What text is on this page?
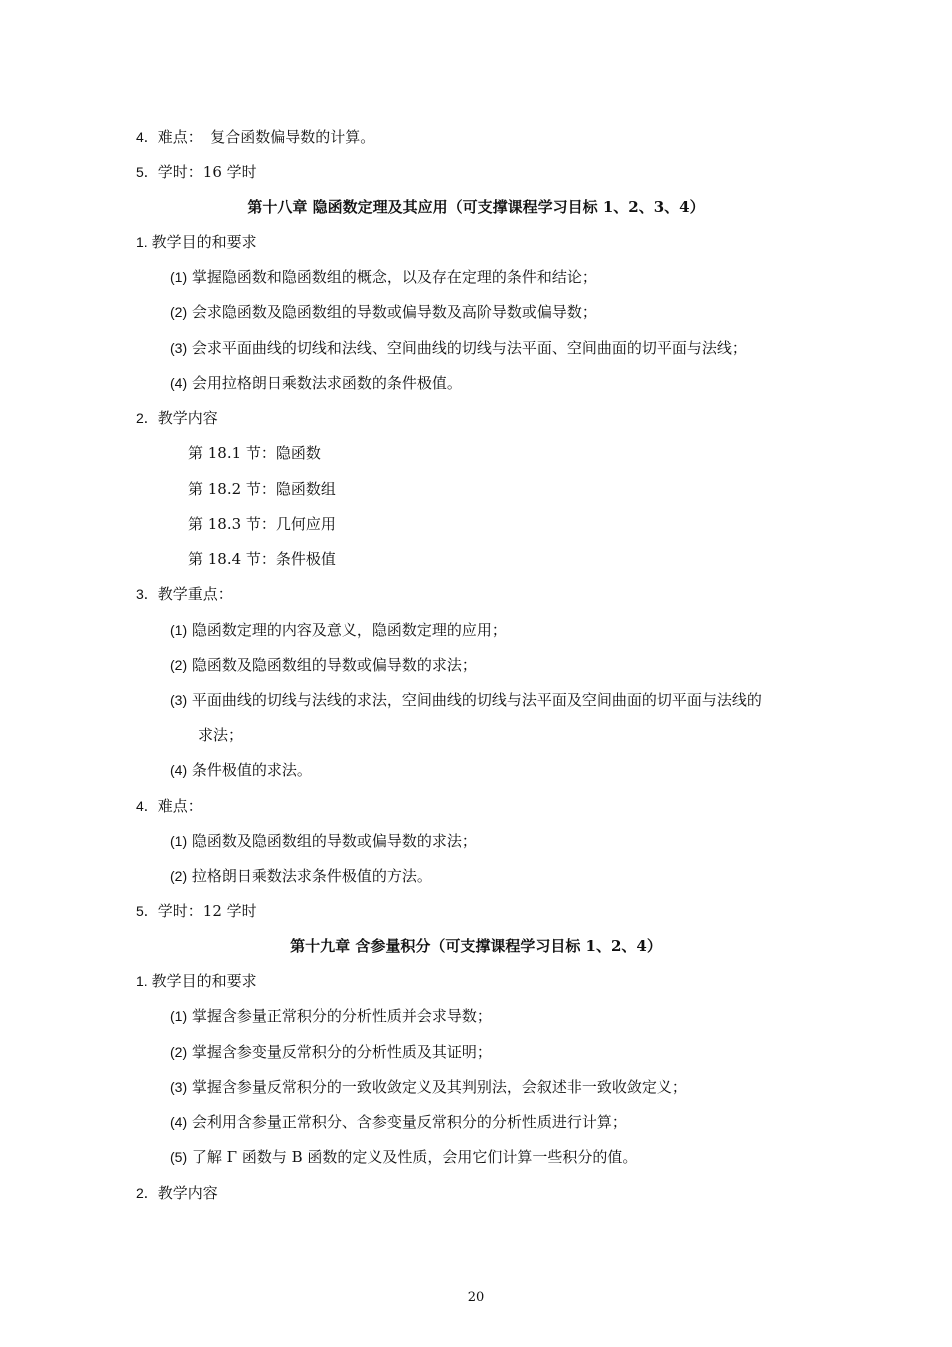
4．难点：　复合函数偏导数的计算。
5．学时：16 学时
第十八章 隐函数定理及其应用（可支撑课程学习目标 1、2、3、4）
1. 教学目的和要求
(1) 掌握隐函数和隐函数组的概念，以及存在定理的条件和结论；
(2) 会求隐函数及隐函数组的导数或偏导数及高阶导数或偏导数；
(3) 会求平面曲线的切线和法线、空间曲线的切线与法平面、空间曲面的切平面与法线；
(4) 会用拉格朗日乘数法求函数的条件极值。
2．教学内容
第 18.1 节：隐函数
第 18.2 节：隐函数组
第 18.3 节：几何应用
第 18.4 节：条件极值
3．教学重点：
(1) 隐函数定理的内容及意义，隐函数定理的应用；
(2) 隐函数及隐函数组的导数或偏导数的求法；
(3) 平面曲线的切线与法线的求法，空间曲线的切线与法平面及空间曲面的切平面与法线的
求法；
(4) 条件极值的求法。
4．难点：
(1) 隐函数及隐函数组的导数或偏导数的求法；
(2) 拉格朗日乘数法求条件极值的方法。
5．学时：12 学时
第十九章 含参量积分（可支撑课程学习目标 1、2、4）
1. 教学目的和要求
(1) 掌握含参量正常积分的分析性质并会求导数；
(2) 掌握含参变量反常积分的分析性质及其证明；
(3) 掌握含参量反常积分的一致收敛定义及其判别法，会叙述非一致收敛定义；
(4) 会利用含参量正常积分、含参变量反常积分的分析性质进行计算；
(5) 了解 Γ 函数与 B 函数的定义及性质，会用它们计算一些积分的值。
2．教学内容
20
